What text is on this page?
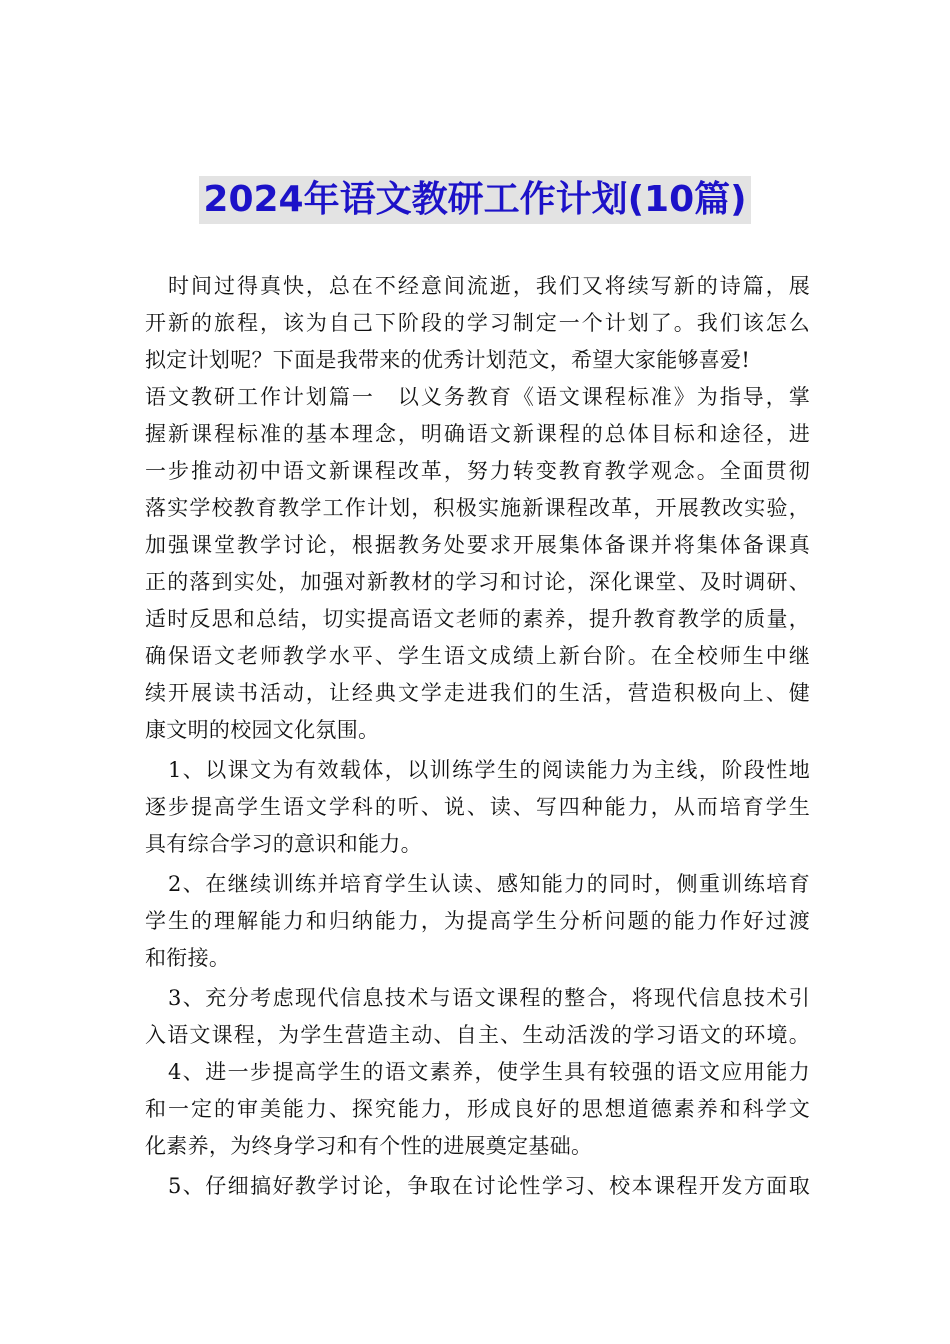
2024年语文教研工作计划(10篇)
时间过得真快，总在不经意间流逝，我们又将续写新的诗篇，展
开新的旅程，该为自己下阶段的学习制定一个计划了。我们该怎么
拟定计划呢？下面是我带来的优秀计划范文，希望大家能够喜爱!
语文教研工作计划篇一　以义务教育《语文课程标准》为指导，掌
握新课程标准的基本理念，明确语文新课程的总体目标和途径，进
一步推动初中语文新课程改革，努力转变教育教学观念。全面贯彻
落实学校教育教学工作计划，积极实施新课程改革，开展教改实验，
加强课堂教学讨论，根据教务处要求开展集体备课并将集体备课真
正的落到实处，加强对新教材的学习和讨论，深化课堂、及时调研、
适时反思和总结，切实提高语文老师的素养，提升教育教学的质量，
确保语文老师教学水平、学生语文成绩上新台阶。在全校师生中继
续开展读书活动，让经典文学走进我们的生活，营造积极向上、健
康文明的校园文化氛围。
1、以课文为有效载体，以训练学生的阅读能力为主线，阶段性地
逐步提高学生语文学科的听、说、读、写四种能力，从而培育学生
具有综合学习的意识和能力。
2、在继续训练并培育学生认读、感知能力的同时，侧重训练培育
学生的理解能力和归纳能力，为提高学生分析问题的能力作好过渡
和衔接。
3、充分考虑现代信息技术与语文课程的整合，将现代信息技术引
入语文课程，为学生营造主动、自主、生动活泼的学习语文的环境。
4、进一步提高学生的语文素养，使学生具有较强的语文应用能力
和一定的审美能力、探究能力，形成良好的思想道德素养和科学文
化素养，为终身学习和有个性的进展奠定基础。
5、仔细搞好教学讨论，争取在讨论性学习、校本课程开发方面取
